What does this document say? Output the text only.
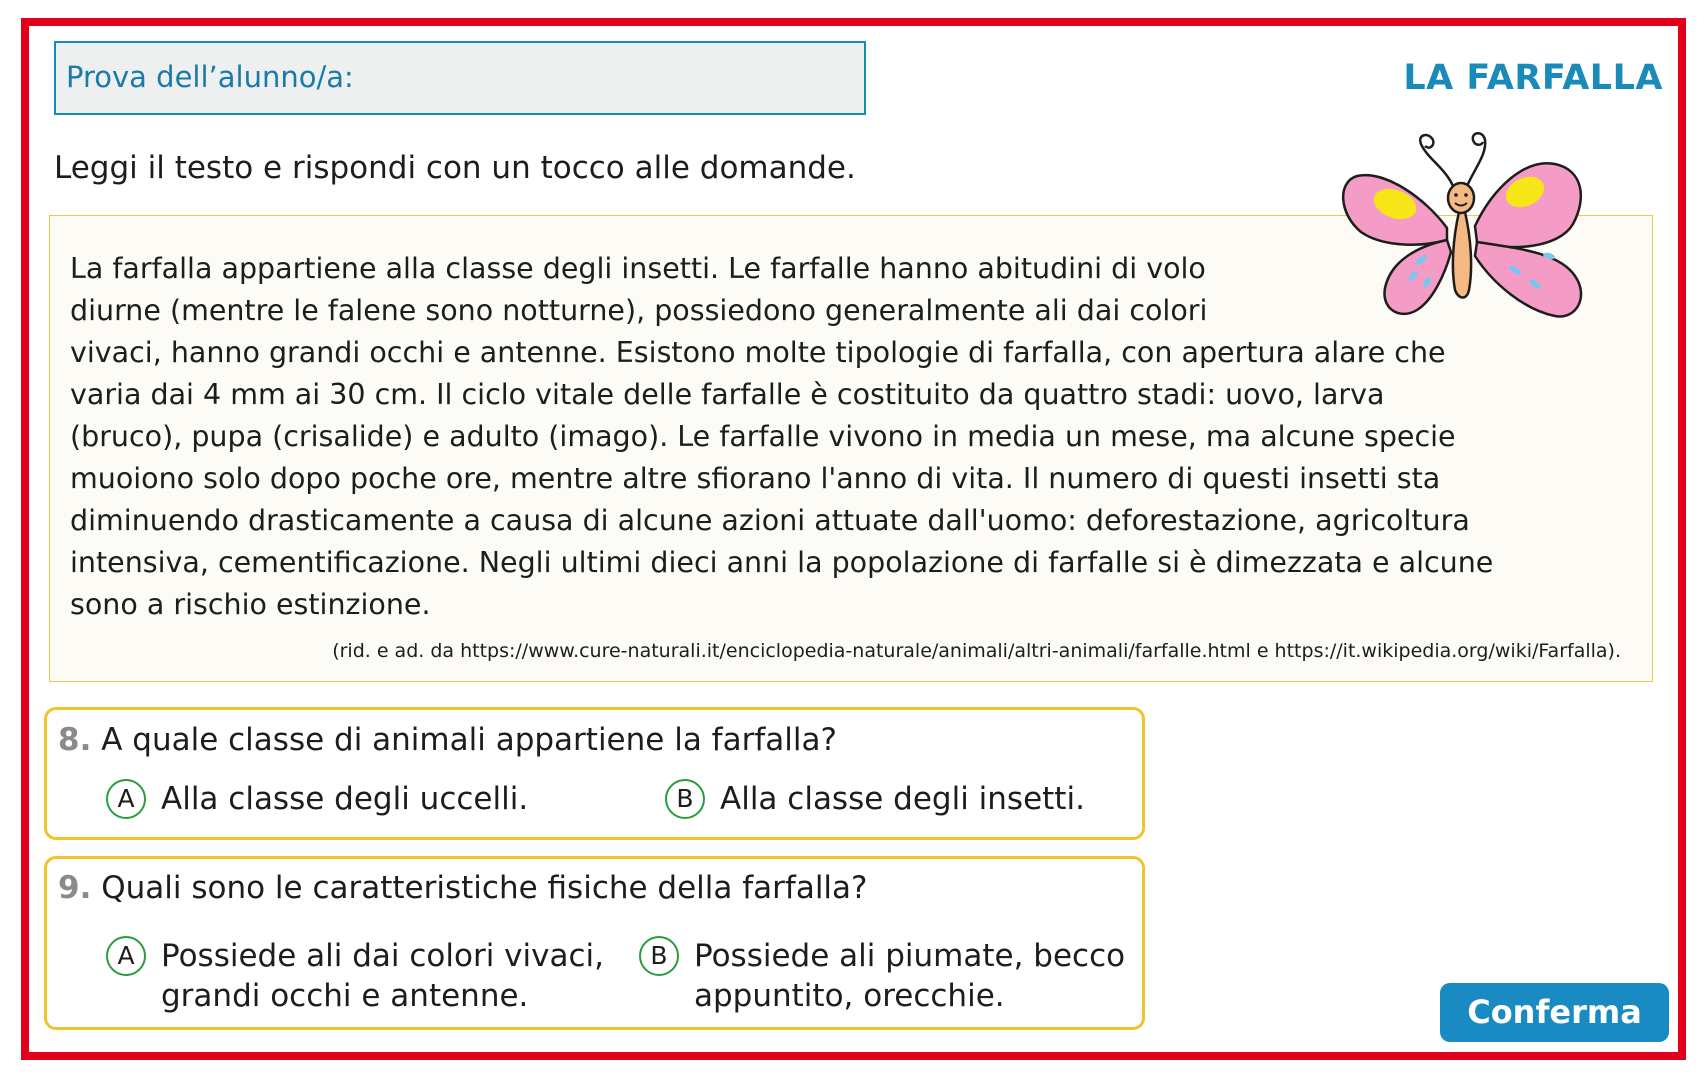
Prova dell’alunno/a:	LA FARFALLA
Leggi il testo e rispondi con un tocco alle domande.
La farfalla appartiene alla classe degli insetti. Le farfalle hanno abitudini di volo
diurne (mentre le falene sono notturne), possiedono generalmente ali dai colori
vivaci, hanno grandi occhi e antenne. Esistono molte tipologie di farfalla, con apertura alare che
varia dai 4 mm ai 30 cm. Il ciclo vitale delle farfalle è costituito da quattro stadi: uovo, larva
(bruco), pupa (crisalide) e adulto (imago). Le farfalle vivono in media un mese, ma alcune specie
muoiono solo dopo poche ore, mentre altre sfiorano l'anno di vita. Il numero di questi insetti sta
diminuendo drasticamente a causa di alcune azioni attuate dall'uomo: deforestazione, agricoltura
intensiva, cementificazione. Negli ultimi dieci anni la popolazione di farfalle si è dimezzata e alcune
sono a rischio estinzione.
(rid. e ad. da https://www.cure-naturali.it/enciclopedia-naturale/animali/altri-animali/farfalle.html e https://it.wikipedia.org/wiki/Farfalla).
8. A quale classe di animali appartiene la farfalla?
A Alla classe degli uccelli.	B Alla classe degli insetti.
9. Quali sono le caratteristiche fisiche della farfalla?
A Possiede ali dai colori vivaci,
grandi occhi e antenne.
B Possiede ali piumate, becco
appuntito, orecchie.	Conferma
